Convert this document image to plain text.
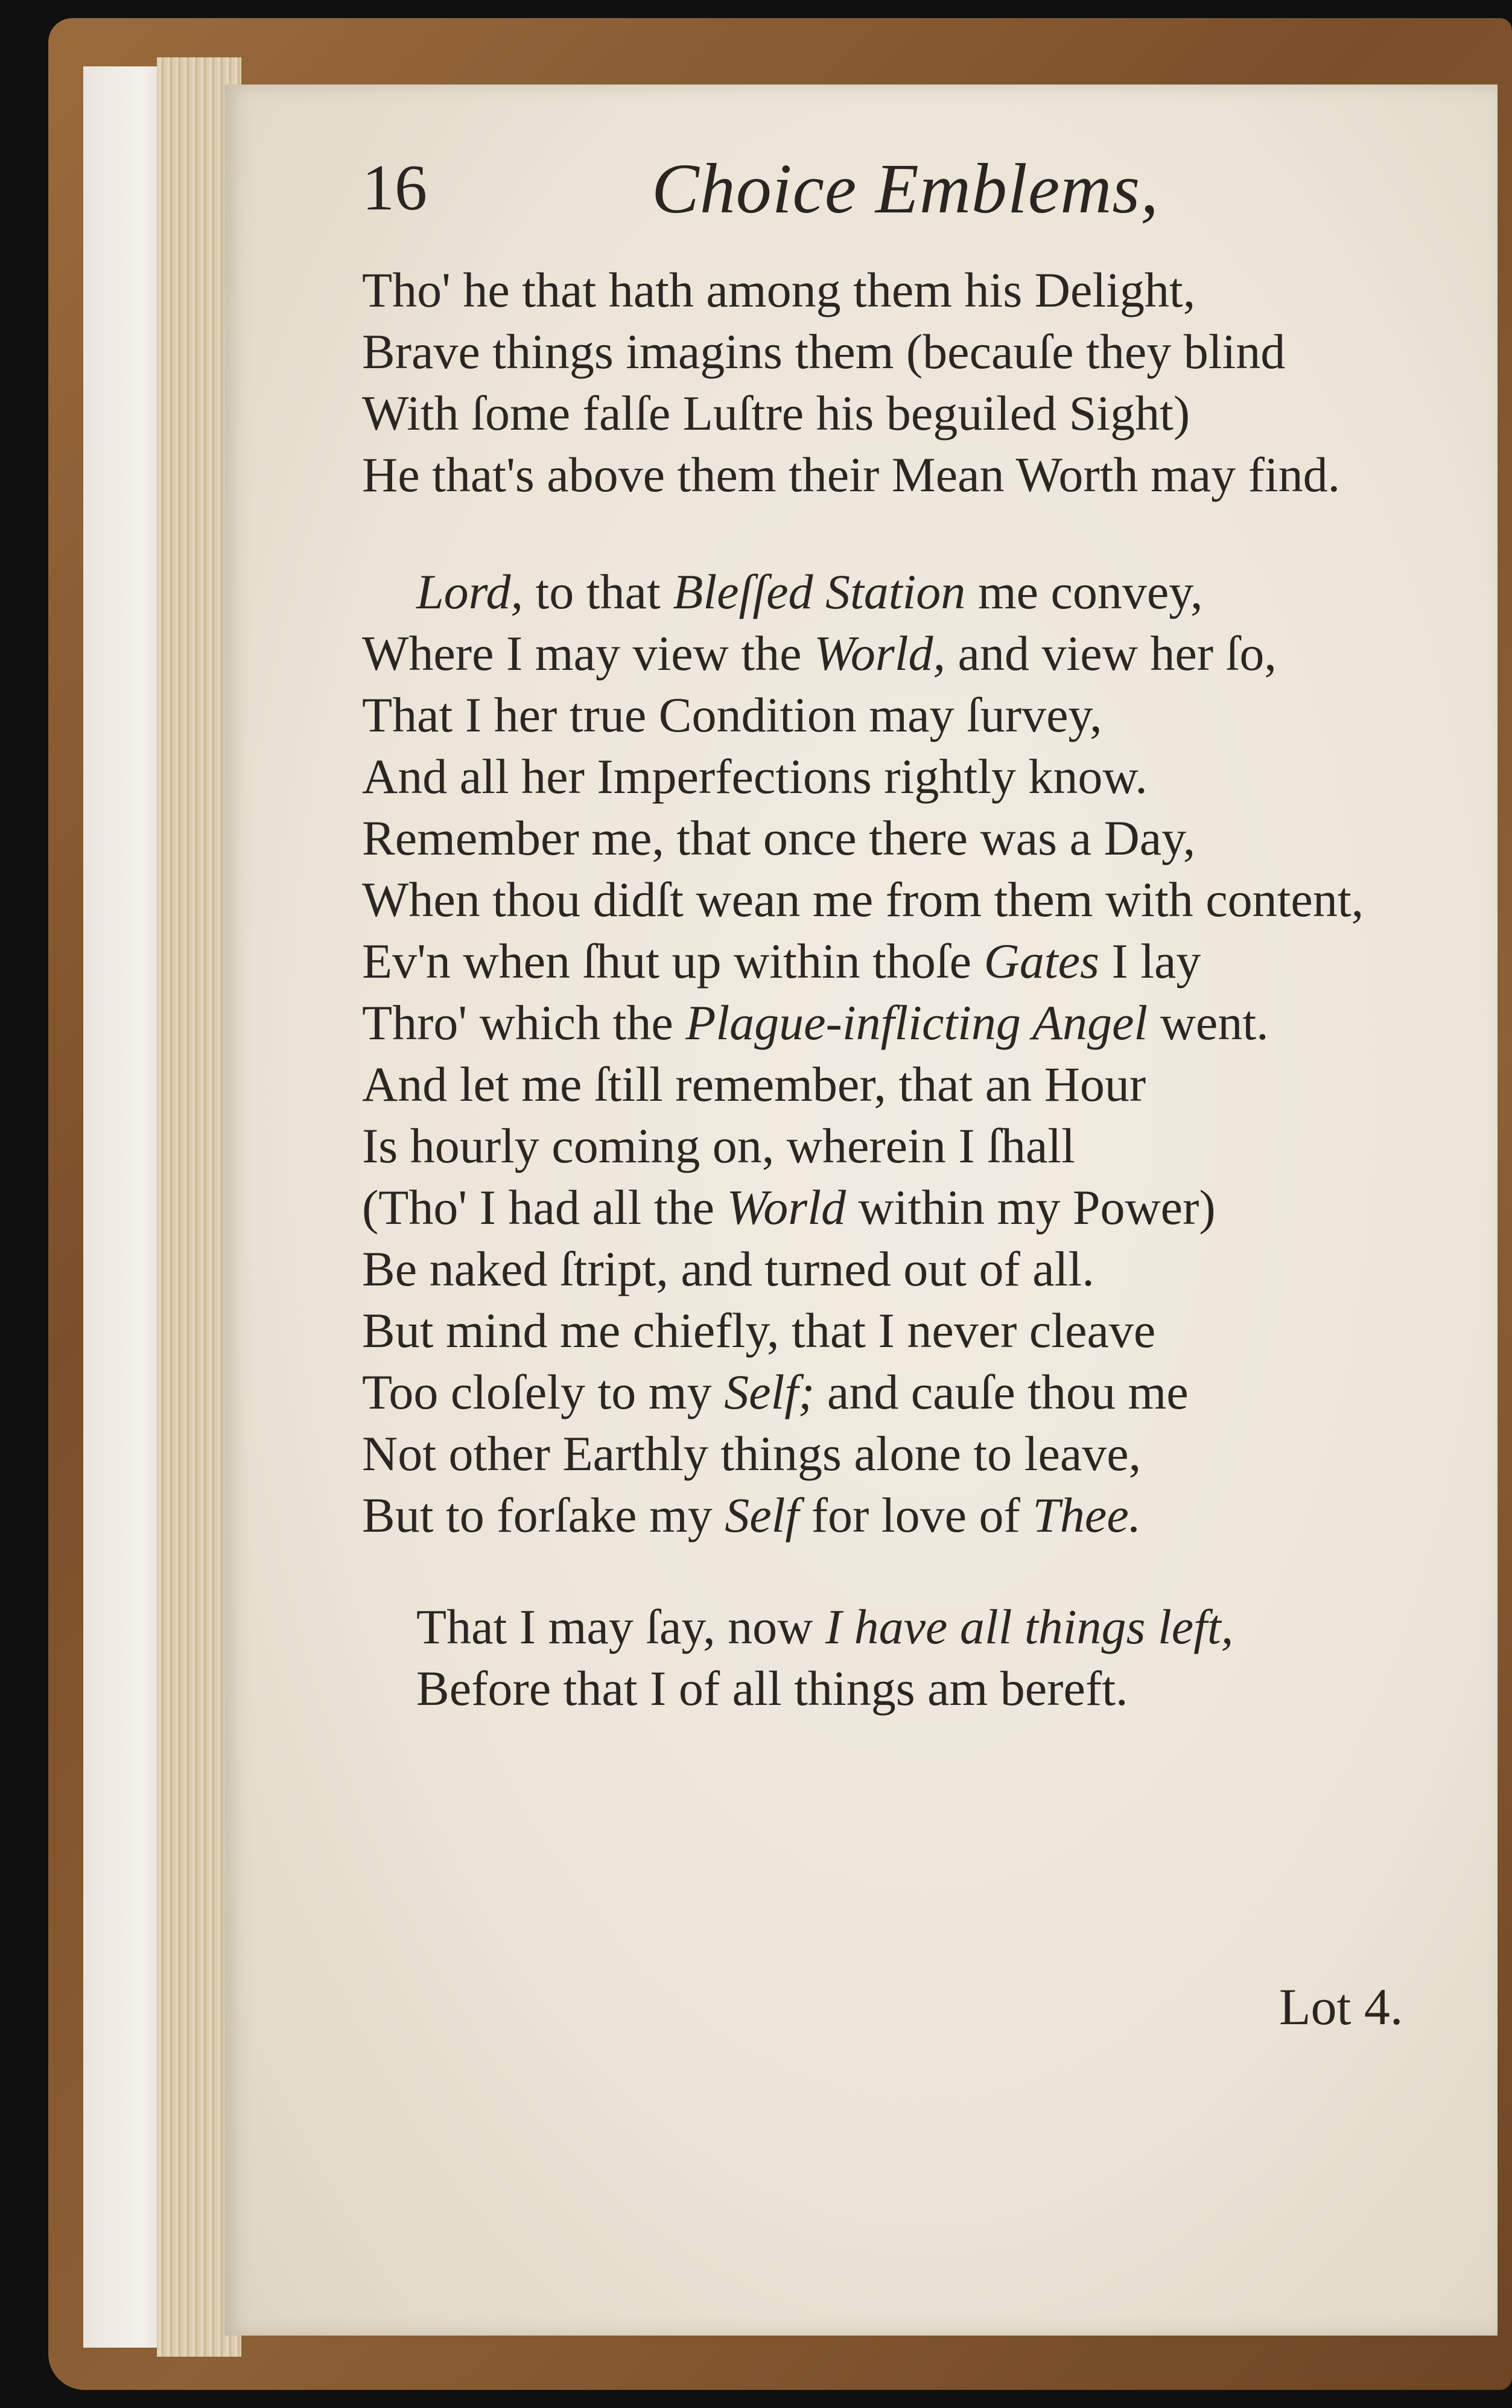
16	Choice Emblems,
Tho' he that hath among them his Delight,
Brave things imagins them (becauſe they blind
With ſome falſe Luſtre his beguiled Sight)
He that's above them their Mean Worth may find.
Lord, to that Bleſſed Station me convey,
Where I may view the World, and view her ſo,
That I her true Condition may ſurvey,
And all her Imperfections rightly know.
Remember me, that once there was a Day,
When thou didſt wean me from them with content,
Ev'n when ſhut up within thoſe Gates I lay
Thro' which the Plague-inflicting Angel went.
And let me ſtill remember, that an Hour
Is hourly coming on, wherein I ſhall
(Tho' I had all the World within my Power)
Be naked ſtript, and turned out of all.
But mind me chiefly, that I never cleave
Too cloſely to my Self; and cauſe thou me
Not other Earthly things alone to leave,
But to forſake my Self for love of Thee.
That I may ſay, now I have all things left,
Before that I of all things am bereft.
Lot 4.
